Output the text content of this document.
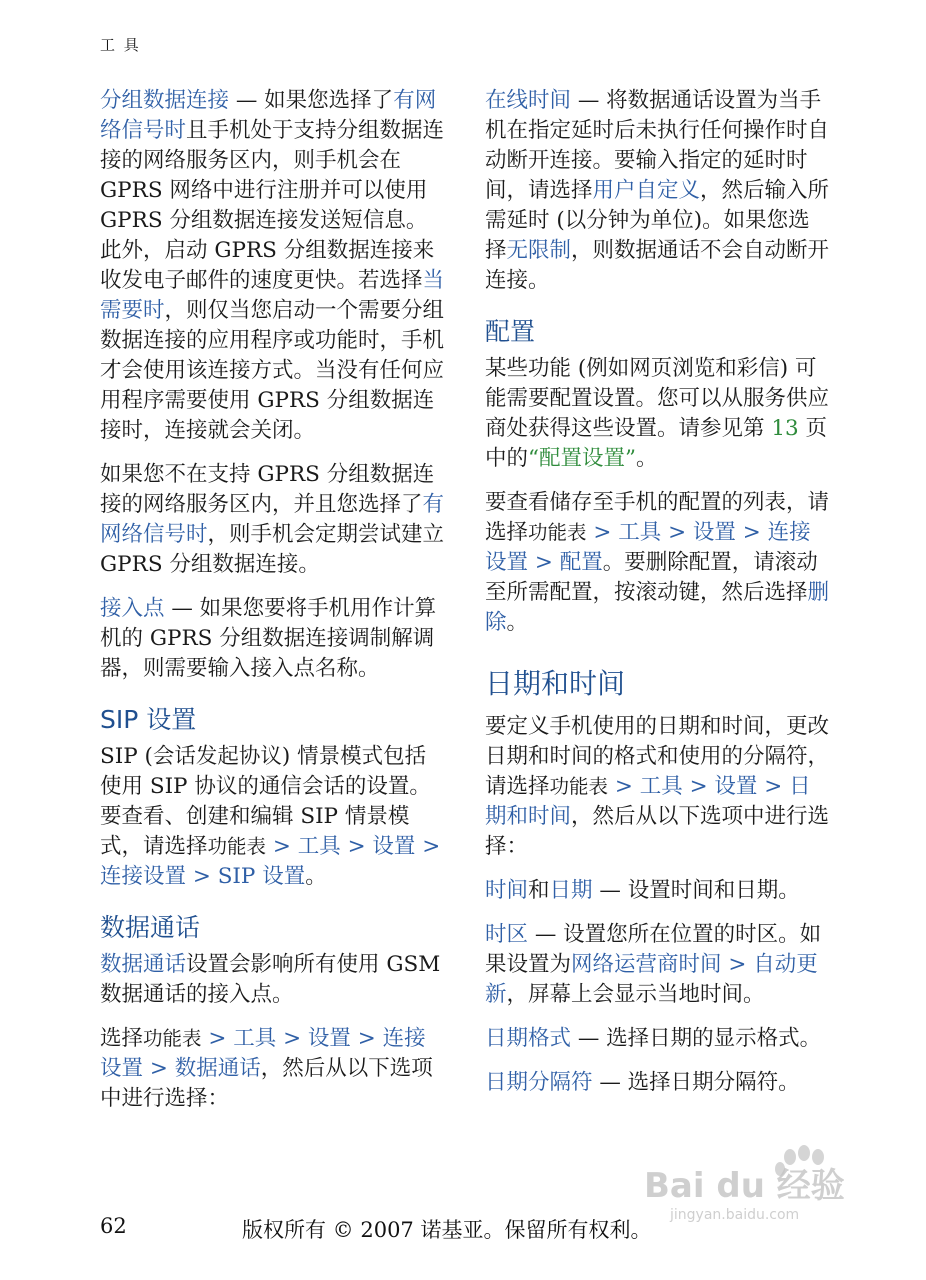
工 具

分组数据连接 — 如果您选择了有网络信号时且手机处于支持分组数据连接的网络服务区内，则手机会在 GPRS 网络中进行注册并可以使用 GPRS 分组数据连接发送短信息。此外，启动 GPRS 分组数据连接来收发电子邮件的速度更快。若选择当需要时，则仅当您启动一个需要分组数据连接的应用程序或功能时，手机才会使用该连接方式。当没有任何应用程序需要使用 GPRS 分组数据连接时，连接就会关闭。

如果您不在支持 GPRS 分组数据连接的网络服务区内，并且您选择了有网络信号时，则手机会定期尝试建立 GPRS 分组数据连接。

接入点 — 如果您要将手机用作计算机的 GPRS 分组数据连接调制解调器，则需要输入接入点名称。

SIP 设置

SIP (会话发起协议) 情景模式包括使用 SIP 协议的通信会话的设置。要查看、创建和编辑 SIP 情景模式，请选择功能表 > 工具 > 设置 > 连接设置 > SIP 设置。

数据通话

数据通话设置会影响所有使用 GSM 数据通话的接入点。

选择功能表 > 工具 > 设置 > 连接设置 > 数据通话，然后从以下选项中进行选择：

在线时间 — 将数据通话设置为当手机在指定延时后未执行任何操作时自动断开连接。要输入指定的延时时间，请选择用户自定义，然后输入所需延时 (以分钟为单位)。如果您选择无限制，则数据通话不会自动断开连接。

配置

某些功能 (例如网页浏览和彩信) 可能需要配置设置。您可以从服务供应商处获得这些设置。请参见第 13 页中的“配置设置”。

要查看储存至手机的配置的列表，请选择功能表 > 工具 > 设置 > 连接设置 > 配置。要删除配置，请滚动至所需配置，按滚动键，然后选择删除。

日期和时间

要定义手机使用的日期和时间，更改日期和时间的格式和使用的分隔符，请选择功能表 > 工具 > 设置 > 日期和时间，然后从以下选项中进行选择：

时间和日期 — 设置时间和日期。

时区 — 设置您所在位置的时区。如果设置为网络运营商时间 > 自动更新，屏幕上会显示当地时间。

日期格式 — 选择日期的显示格式。

日期分隔符 — 选择日期分隔符。

Bai du 经验
jingyan.baidu.com
62	版权所有 © 2007 诺基亚。保留所有权利。
